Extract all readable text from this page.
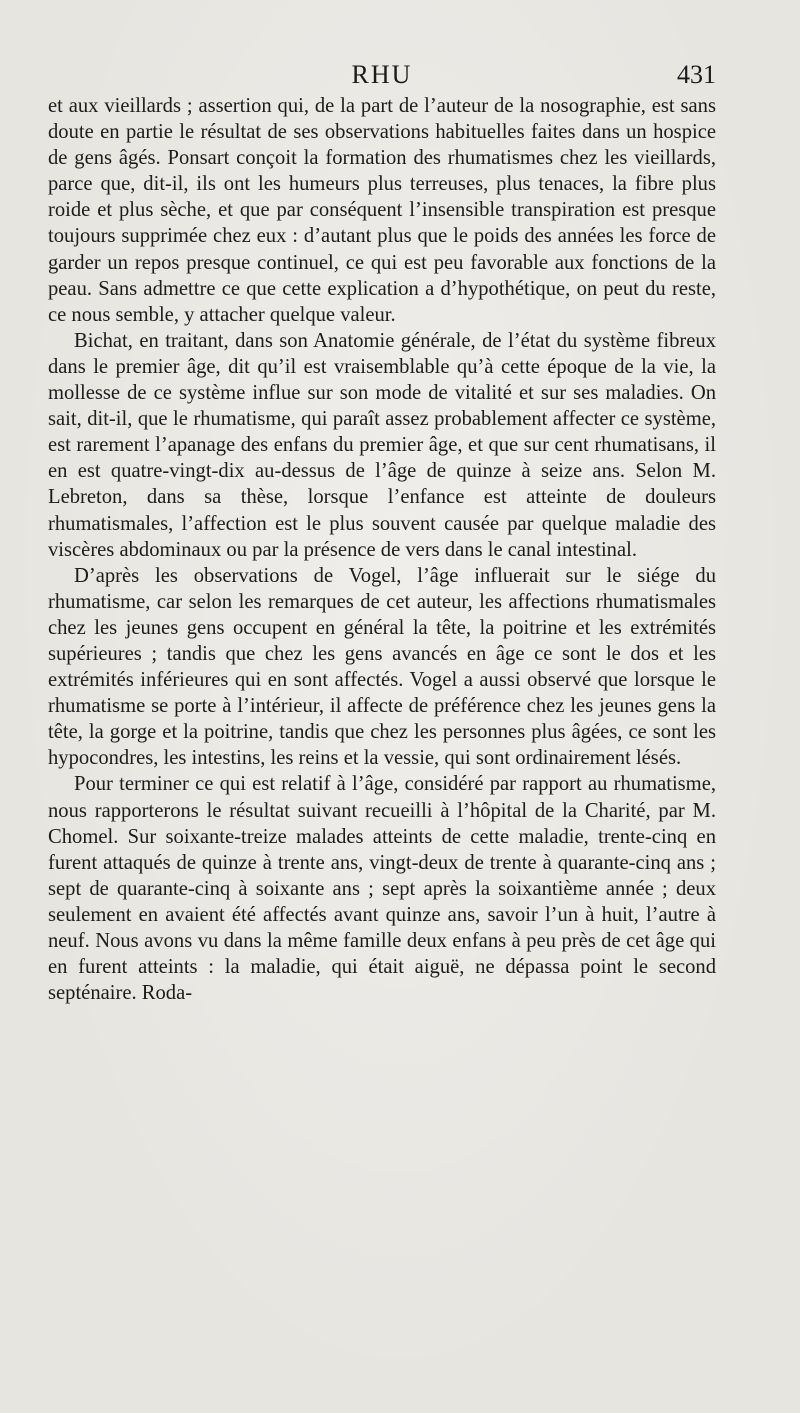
RHU	431

et aux vieillards ; assertion qui, de la part de l’auteur de la nosographie, est sans doute en partie le résultat de ses observations habituelles faites dans un hospice de gens âgés. Ponsart conçoit la formation des rhumatismes chez les vieillards, parce que, dit-il, ils ont les humeurs plus terreuses, plus tenaces, la fibre plus roide et plus sèche, et que par conséquent l’insensible transpiration est presque toujours supprimée chez eux : d’autant plus que le poids des années les force de garder un repos presque continuel, ce qui est peu favorable aux fonctions de la peau. Sans admettre ce que cette explication a d’hypothétique, on peut du reste, ce nous semble, y attacher quelque valeur.

Bichat, en traitant, dans son Anatomie générale, de l’état du système fibreux dans le premier âge, dit qu’il est vraisemblable qu’à cette époque de la vie, la mollesse de ce système influe sur son mode de vitalité et sur ses maladies. On sait, dit-il, que le rhumatisme, qui paraît assez probablement affecter ce système, est rarement l’apanage des enfans du premier âge, et que sur cent rhumatisans, il en est quatre-vingt-dix au-dessus de l’âge de quinze à seize ans. Selon M. Lebreton, dans sa thèse, lorsque l’enfance est atteinte de douleurs rhumatismales, l’affection est le plus souvent causée par quelque maladie des viscères abdominaux ou par la présence de vers dans le canal intestinal.

D’après les observations de Vogel, l’âge influerait sur le siége du rhumatisme, car selon les remarques de cet auteur, les affections rhumatismales chez les jeunes gens occupent en général la tête, la poitrine et les extrémités supérieures ; tandis que chez les gens avancés en âge ce sont le dos et les extrémités inférieures qui en sont affectés. Vogel a aussi observé que lorsque le rhumatisme se porte à l’intérieur, il affecte de préférence chez les jeunes gens la tête, la gorge et la poitrine, tandis que chez les personnes plus âgées, ce sont les hypocondres, les intestins, les reins et la vessie, qui sont ordinairement lésés.

Pour terminer ce qui est relatif à l’âge, considéré par rapport au rhumatisme, nous rapporterons le résultat suivant recueilli à l’hôpital de la Charité, par M. Chomel. Sur soixante-treize malades atteints de cette maladie, trente-cinq en furent attaqués de quinze à trente ans, vingt-deux de trente à quarante-cinq ans ; sept de quarante-cinq à soixante ans ; sept après la soixantième année ; deux seulement en avaient été affectés avant quinze ans, savoir l’un à huit, l’autre à neuf. Nous avons vu dans la même famille deux enfans à peu près de cet âge qui en furent atteints : la maladie, qui était aiguë, ne dépassa point le second septénaire. Roda-
